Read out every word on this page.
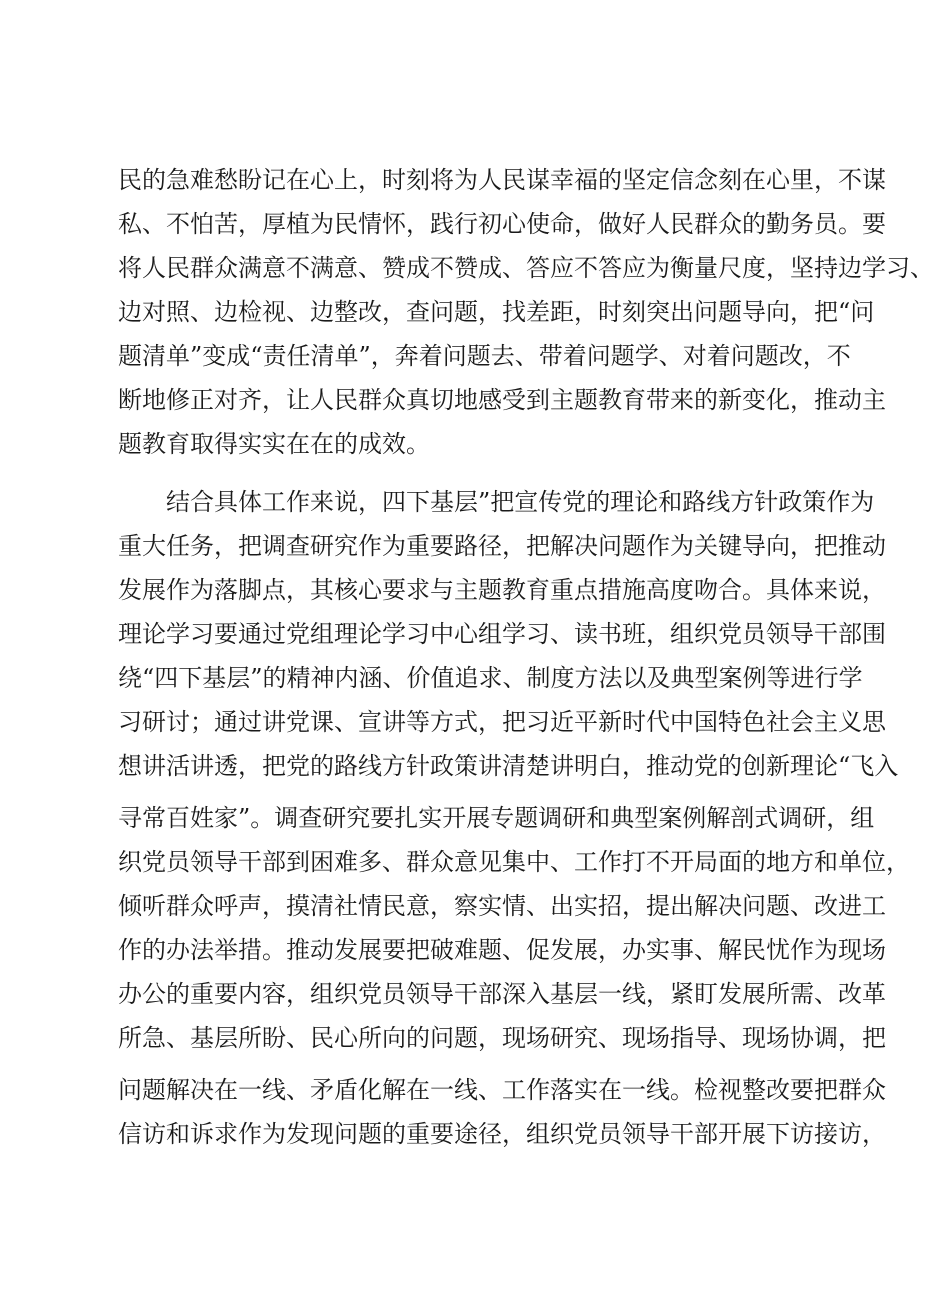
民的急难愁盼记在心上，时刻将为人民谋幸福的坚定信念刻在心里，不谋
私、不怕苦，厚植为民情怀，践行初心使命，做好人民群众的勤务员。要
将人民群众满意不满意、赞成不赞成、答应不答应为衡量尺度，坚持边学习、
边对照、边检视、边整改，查问题，找差距，时刻突出问题导向，把“问
题清单”变成“责任清单”，奔着问题去、带着问题学、对着问题改，不
断地修正对齐，让人民群众真切地感受到主题教育带来的新变化，推动主
题教育取得实实在在的成效。
结合具体工作来说，四下基层”把宣传党的理论和路线方针政策作为
重大任务，把调查研究作为重要路径，把解决问题作为关键导向，把推动
发展作为落脚点，其核心要求与主题教育重点措施高度吻合。具体来说，
理论学习要通过党组理论学习中心组学习、读书班，组织党员领导干部围
绕“四下基层”的精神内涵、价值追求、制度方法以及典型案例等进行学
习研讨；通过讲党课、宣讲等方式，把习近平新时代中国特色社会主义思
想讲活讲透，把党的路线方针政策讲清楚讲明白，推动党的创新理论“飞入
寻常百姓家”。调查研究要扎实开展专题调研和典型案例解剖式调研，组
织党员领导干部到困难多、群众意见集中、工作打不开局面的地方和单位，
倾听群众呼声，摸清社情民意，察实情、出实招，提出解决问题、改进工
作的办法举措。推动发展要把破难题、促发展，办实事、解民忧作为现场
办公的重要内容，组织党员领导干部深入基层一线，紧盯发展所需、改革
所急、基层所盼、民心所向的问题，现场研究、现场指导、现场协调，把
问题解决在一线、矛盾化解在一线、工作落实在一线。检视整改要把群众
信访和诉求作为发现问题的重要途径，组织党员领导干部开展下访接访，
